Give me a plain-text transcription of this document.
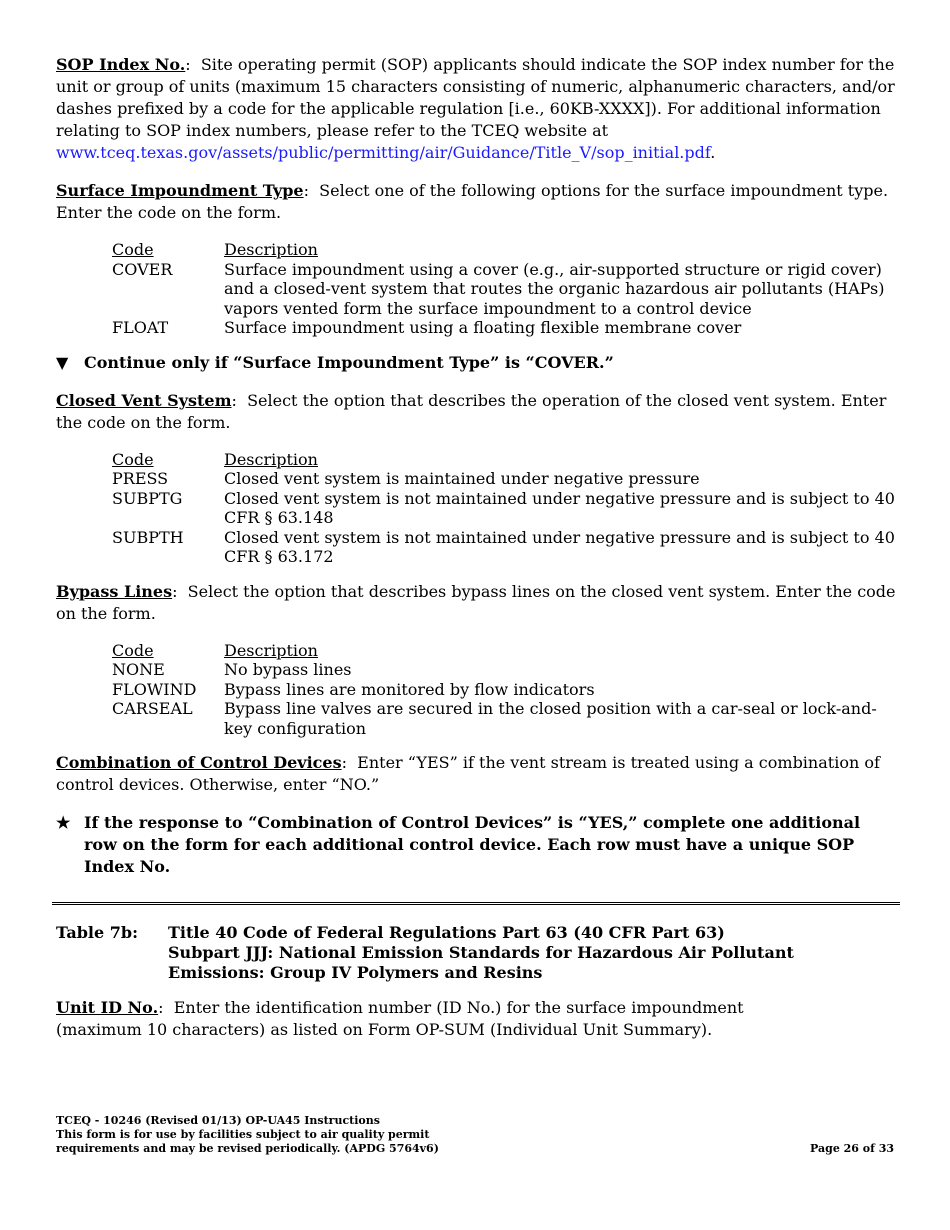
SOP Index No.:  Site operating permit (SOP) applicants should indicate the SOP index number for the unit or group of units (maximum 15 characters consisting of numeric, alphanumeric characters, and/or dashes prefixed by a code for the applicable regulation [i.e., 60KB-XXXX]). For additional information relating to SOP index numbers, please refer to the TCEQ website at
www.tceq.texas.gov/assets/public/permitting/air/Guidance/Title_V/sop_initial.pdf.

Surface Impoundment Type:  Select one of the following options for the surface impoundment type. Enter the code on the form.

Code	Description
COVER	Surface impoundment using a cover (e.g., air-supported structure or rigid cover) and a closed-vent system that routes the organic hazardous air pollutants (HAPs) vapors vented form the surface impoundment to a control device
FLOAT	Surface impoundment using a floating flexible membrane cover
▼ Continue only if “Surface Impoundment Type” is “COVER.”

Closed Vent System:  Select the option that describes the operation of the closed vent system. Enter the code on the form.

Code	Description
PRESS	Closed vent system is maintained under negative pressure
SUBPTG	Closed vent system is not maintained under negative pressure and is subject to 40 CFR § 63.148
SUBPTH	Closed vent system is not maintained under negative pressure and is subject to 40 CFR § 63.172

Bypass Lines:  Select the option that describes bypass lines on the closed vent system. Enter the code on the form.

Code	Description
NONE	No bypass lines
FLOWIND	Bypass lines are monitored by flow indicators
CARSEAL	Bypass line valves are secured in the closed position with a car-seal or lock-and-key configuration

Combination of Control Devices:  Enter “YES” if the vent stream is treated using a combination of control devices. Otherwise, enter “NO.”

★ If the response to “Combination of Control Devices” is “YES,” complete one additional row on the form for each additional control device. Each row must have a unique SOP Index No.
Table 7b:	Title 40 Code of Federal Regulations Part 63 (40 CFR Part 63)
Subpart JJJ: National Emission Standards for Hazardous Air Pollutant
Emissions: Group IV Polymers and Resins

Unit ID No.:  Enter the identification number (ID No.) for the surface impoundment
(maximum 10 characters) as listed on Form OP-SUM (Individual Unit Summary).

TCEQ - 10246 (Revised 01/13) OP-UA45 Instructions
This form is for use by facilities subject to air quality permit
requirements and may be revised periodically. (APDG 5764v6)	Page 26 of 33
